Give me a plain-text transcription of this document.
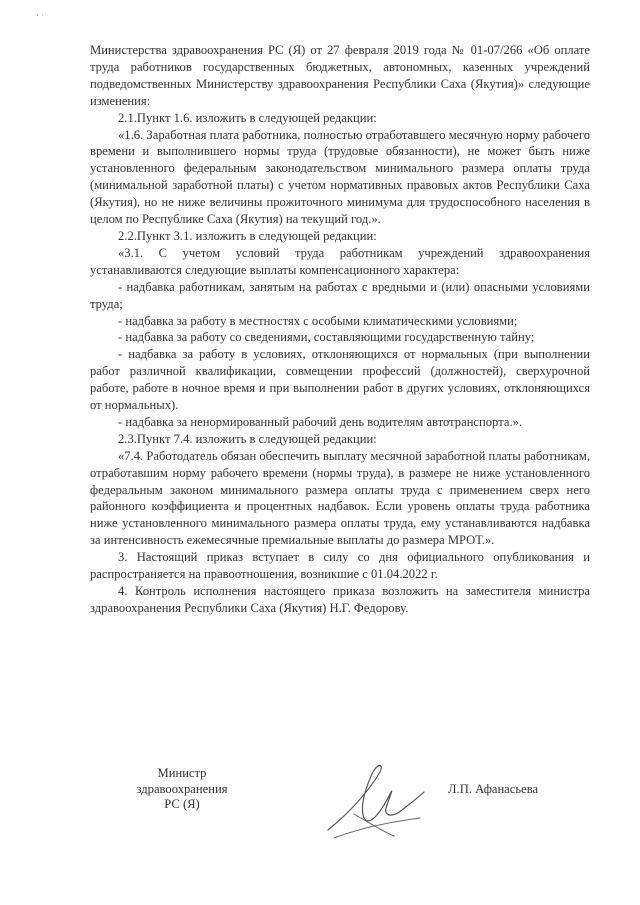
· ·

Министерства здравоохранения РС (Я) от 27 февраля 2019 года № 01-07/266 «Об оплате труда работников государственных бюджетных, автономных, казенных учреждений подведомственных Министерству здравоохранения Республики Саха (Якутия)» следующие изменения:

2.1.Пункт 1.6. изложить в следующей редакции:

«1.6. Заработная плата работника, полностью отработавшего месячную норму рабочего времени и выполнившего нормы труда (трудовые обязанности), не может быть ниже установленного федеральным законодательством минимального размера оплаты труда (минимальной заработной платы) с учетом нормативных правовых актов Республики Саха (Якутия), но не ниже величины прожиточного минимума для трудоспособного населения в целом по Республике Саха (Якутия) на текущий год.».

2.2.Пункт 3.1. изложить в следующей редакции:

«3.1. С учетом условий труда работникам учреждений здравоохранения устанавливаются следующие выплаты компенсационного характера:

- надбавка работникам, занятым на работах с вредными и (или) опасными условиями труда;

- надбавка за работу в местностях с особыми климатическими условиями;

- надбавка за работу со сведениями, составляющими государственную тайну;

- надбавка за работу в условиях, отклоняющихся от нормальных (при выполнении работ различной квалификации, совмещении профессий (должностей), сверхурочной работе, работе в ночное время и при выполнении работ в других условиях, отклоняющихся от нормальных).

- надбавка за ненормированный рабочий день водителям автотранспорта.».

2.3.Пункт 7.4. изложить в следующей редакции:

«7.4. Работодатель обязан обеспечить выплату месячной заработной платы работникам, отработавшим норму рабочего времени (нормы труда), в размере не ниже установленного федеральным законом минимального размера оплаты труда с применением сверх него районного коэффициента и процентных надбавок. Если уровень оплаты труда работника ниже установленного минимального размера оплаты труда, ему устанавливаются надбавка за интенсивность ежемесячные премиальные выплаты до размера МРОТ.».

3. Настоящий приказ вступает в силу со дня официального опубликования и распространяется на правоотношения, возникшие с 01.04.2022 г.

4. Контроль исполнения настоящего приказа возложить на заместителя министра здравоохранения Республики Саха (Якутия) Н.Г. Федорову.

Министр
здравоохранения
РС (Я)
Л.П. Афанасьева
